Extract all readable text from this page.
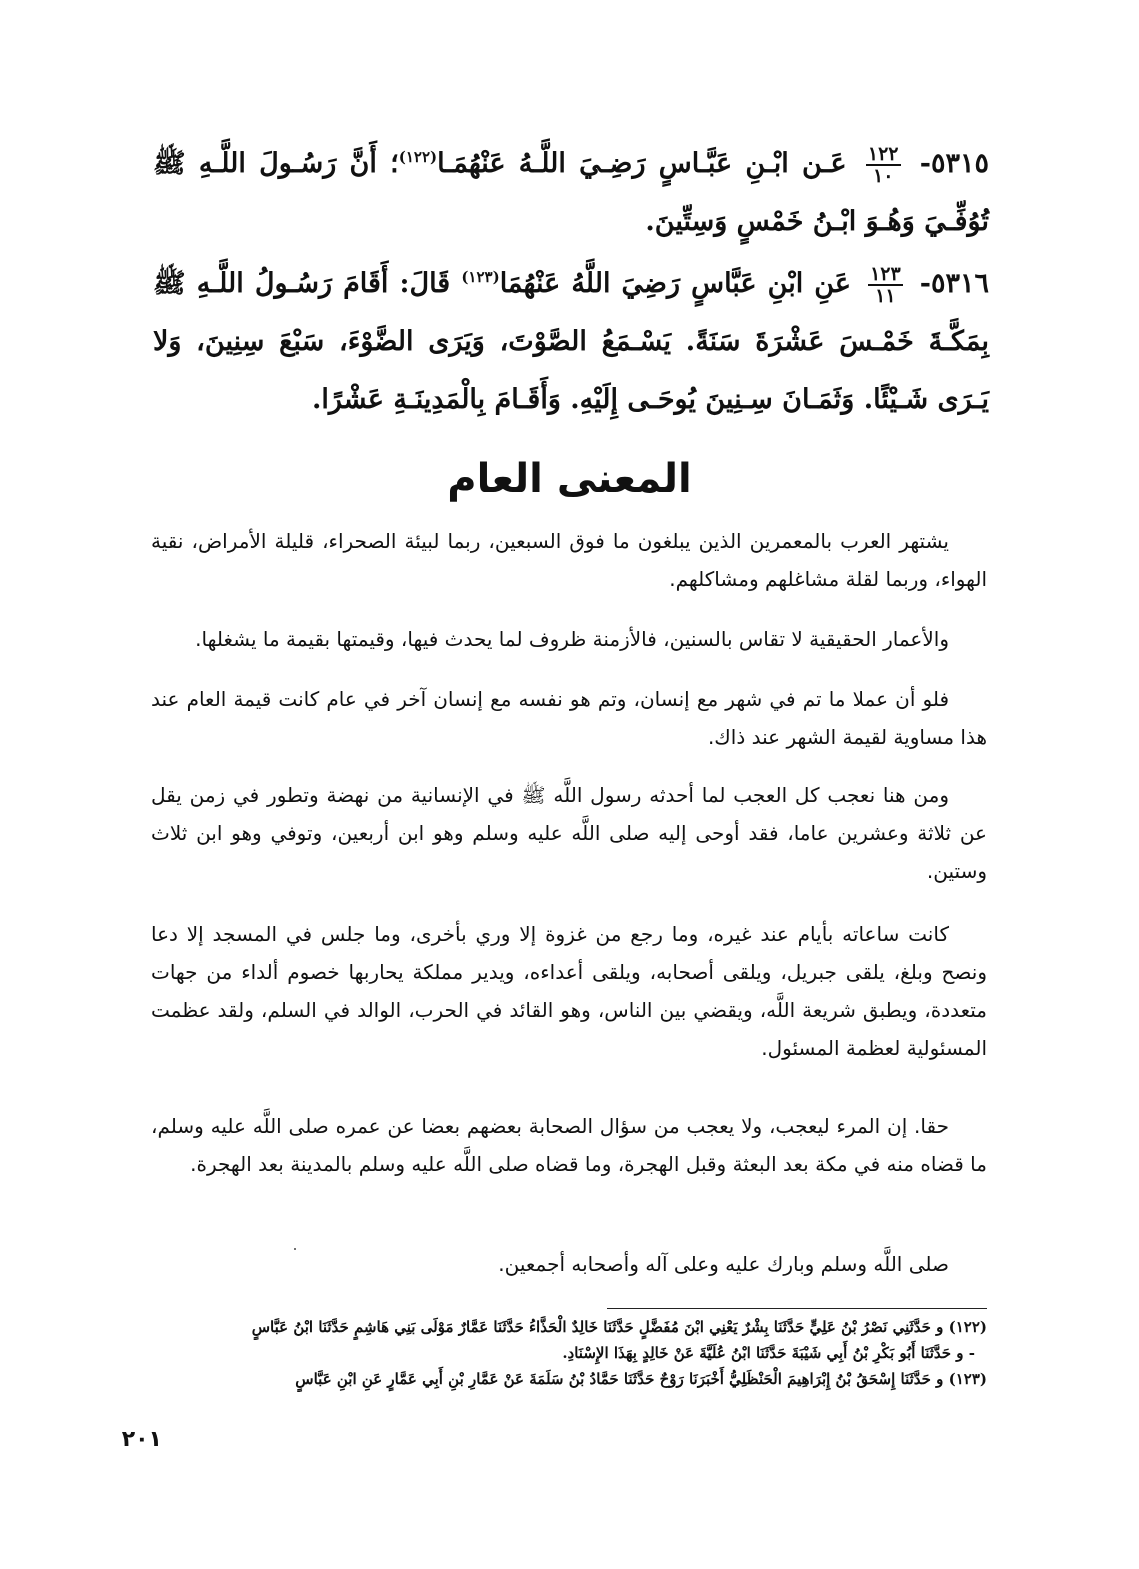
٥٣١٥-
$\frac{١٢٢}{١٠}$
عَـن ابْـنِ عَبَّـاسٍ رَضِـيَ اللَّـهُ عَنْهُمَـا$^{(١٢٢)}$؛ أَنَّ رَسُـولَ اللَّـهِ ﷺ تُوُفِّـيَ وَهُـوَ ابْـنُ خَمْسٍ وَسِتِّينَ.

٥٣١٦-
$\frac{١٢٣}{١١}$
عَنِ ابْنِ عَبَّاسٍ رَضِيَ اللَّهُ عَنْهُمَا$^{(١٢٣)}$ قَالَ: أَقَامَ رَسُـولُ اللَّـهِ ﷺ بِمَكَّـةَ خَمْـسَ عَشْرَةَ سَنَةً. يَسْـمَعُ الصَّوْتَ، وَيَرَى الضَّوْءَ، سَبْعَ سِنِينَ، وَلا يَـرَى شَـيْئًا. وَثَمَـانَ سِـنِينَ يُوحَـى إِلَيْهِ. وَأَقَـامَ بِالْمَدِينَـةِ عَشْرًا.

المعنى العام

يشتهر العرب بالمعمرين الذين يبلغون ما فوق السبعين، ربما لبيئة الصحراء، قليلة الأمراض، نقية الهواء، وربما لقلة مشاغلهم ومشاكلهم.

والأعمار الحقيقية لا تقاس بالسنين، فالأزمنة ظروف لما يحدث فيها، وقيمتها بقيمة ما يشغلها.

فلو أن عملا ما تم في شهر مع إنسان، وتم هو نفسه مع إنسان آخر في عام كانت قيمة العام عند هذا مساوية لقيمة الشهر عند ذاك.

ومن هنا نعجب كل العجب لما أحدثه رسول اللَّه ﷺ في الإنسانية من نهضة وتطور في زمن يقل عن ثلاثة وعشرين عاما، فقد أوحى إليه صلى اللَّه عليه وسلم وهو ابن أربعين، وتوفي وهو ابن ثلاث وستين.

كانت ساعاته بأيام عند غيره، وما رجع من غزوة إلا وري بأخرى، وما جلس في المسجد إلا دعا ونصح وبلغ، يلقى جبريل، ويلقى أصحابه، ويلقى أعداءه، ويدير مملكة يحاربها خصوم ألداء من جهات متعددة، ويطبق شريعة اللَّه، ويقضي بين الناس، وهو القائد في الحرب، الوالد في السلم، ولقد عظمت المسئولية لعظمة المسئول.

حقا. إن المرء ليعجب، ولا يعجب من سؤال الصحابة بعضهم بعضا عن عمره صلى اللَّه عليه وسلم، ما قضاه منه في مكة بعد البعثة وقبل الهجرة، وما قضاه صلى اللَّه عليه وسلم بالمدينة بعد الهجرة.

صلى اللَّه وسلم وبارك عليه وعلى آله وأصحابه أجمعين.

(١٢٢) و حَدَّثَنِي نَصْرُ بْنُ عَلِيٍّ حَدَّثَنَا بِشْرٌ يَعْنِي ابْنَ مُفَضَّلٍ حَدَّثَنَا خَالِدٌ الْحَذَّاءُ حَدَّثَنَا عَمَّارٌ مَوْلَى بَنِي هَاشِمٍ حَدَّثَنَا ابْنُ عَبَّاسٍ

- و حَدَّثَنَا أَبُو بَكْرِ بْنُ أَبِي شَيْبَةَ حَدَّثَنَا ابْنُ عُلَيَّةَ عَنْ خَالِدٍ بِهَذَا الإِسْنَادِ.

(١٢٣) و حَدَّثَنَا إِسْحَقُ بْنُ إِبْرَاهِيمَ الْحَنْظَلِيُّ أَخْبَرَنَا رَوْحٌ حَدَّثَنَا حَمَّادُ بْنُ سَلَمَةَ عَنْ عَمَّارِ بْنِ أَبِي عَمَّارٍ عَنِ ابْنِ عَبَّاسٍ

٢٠١
